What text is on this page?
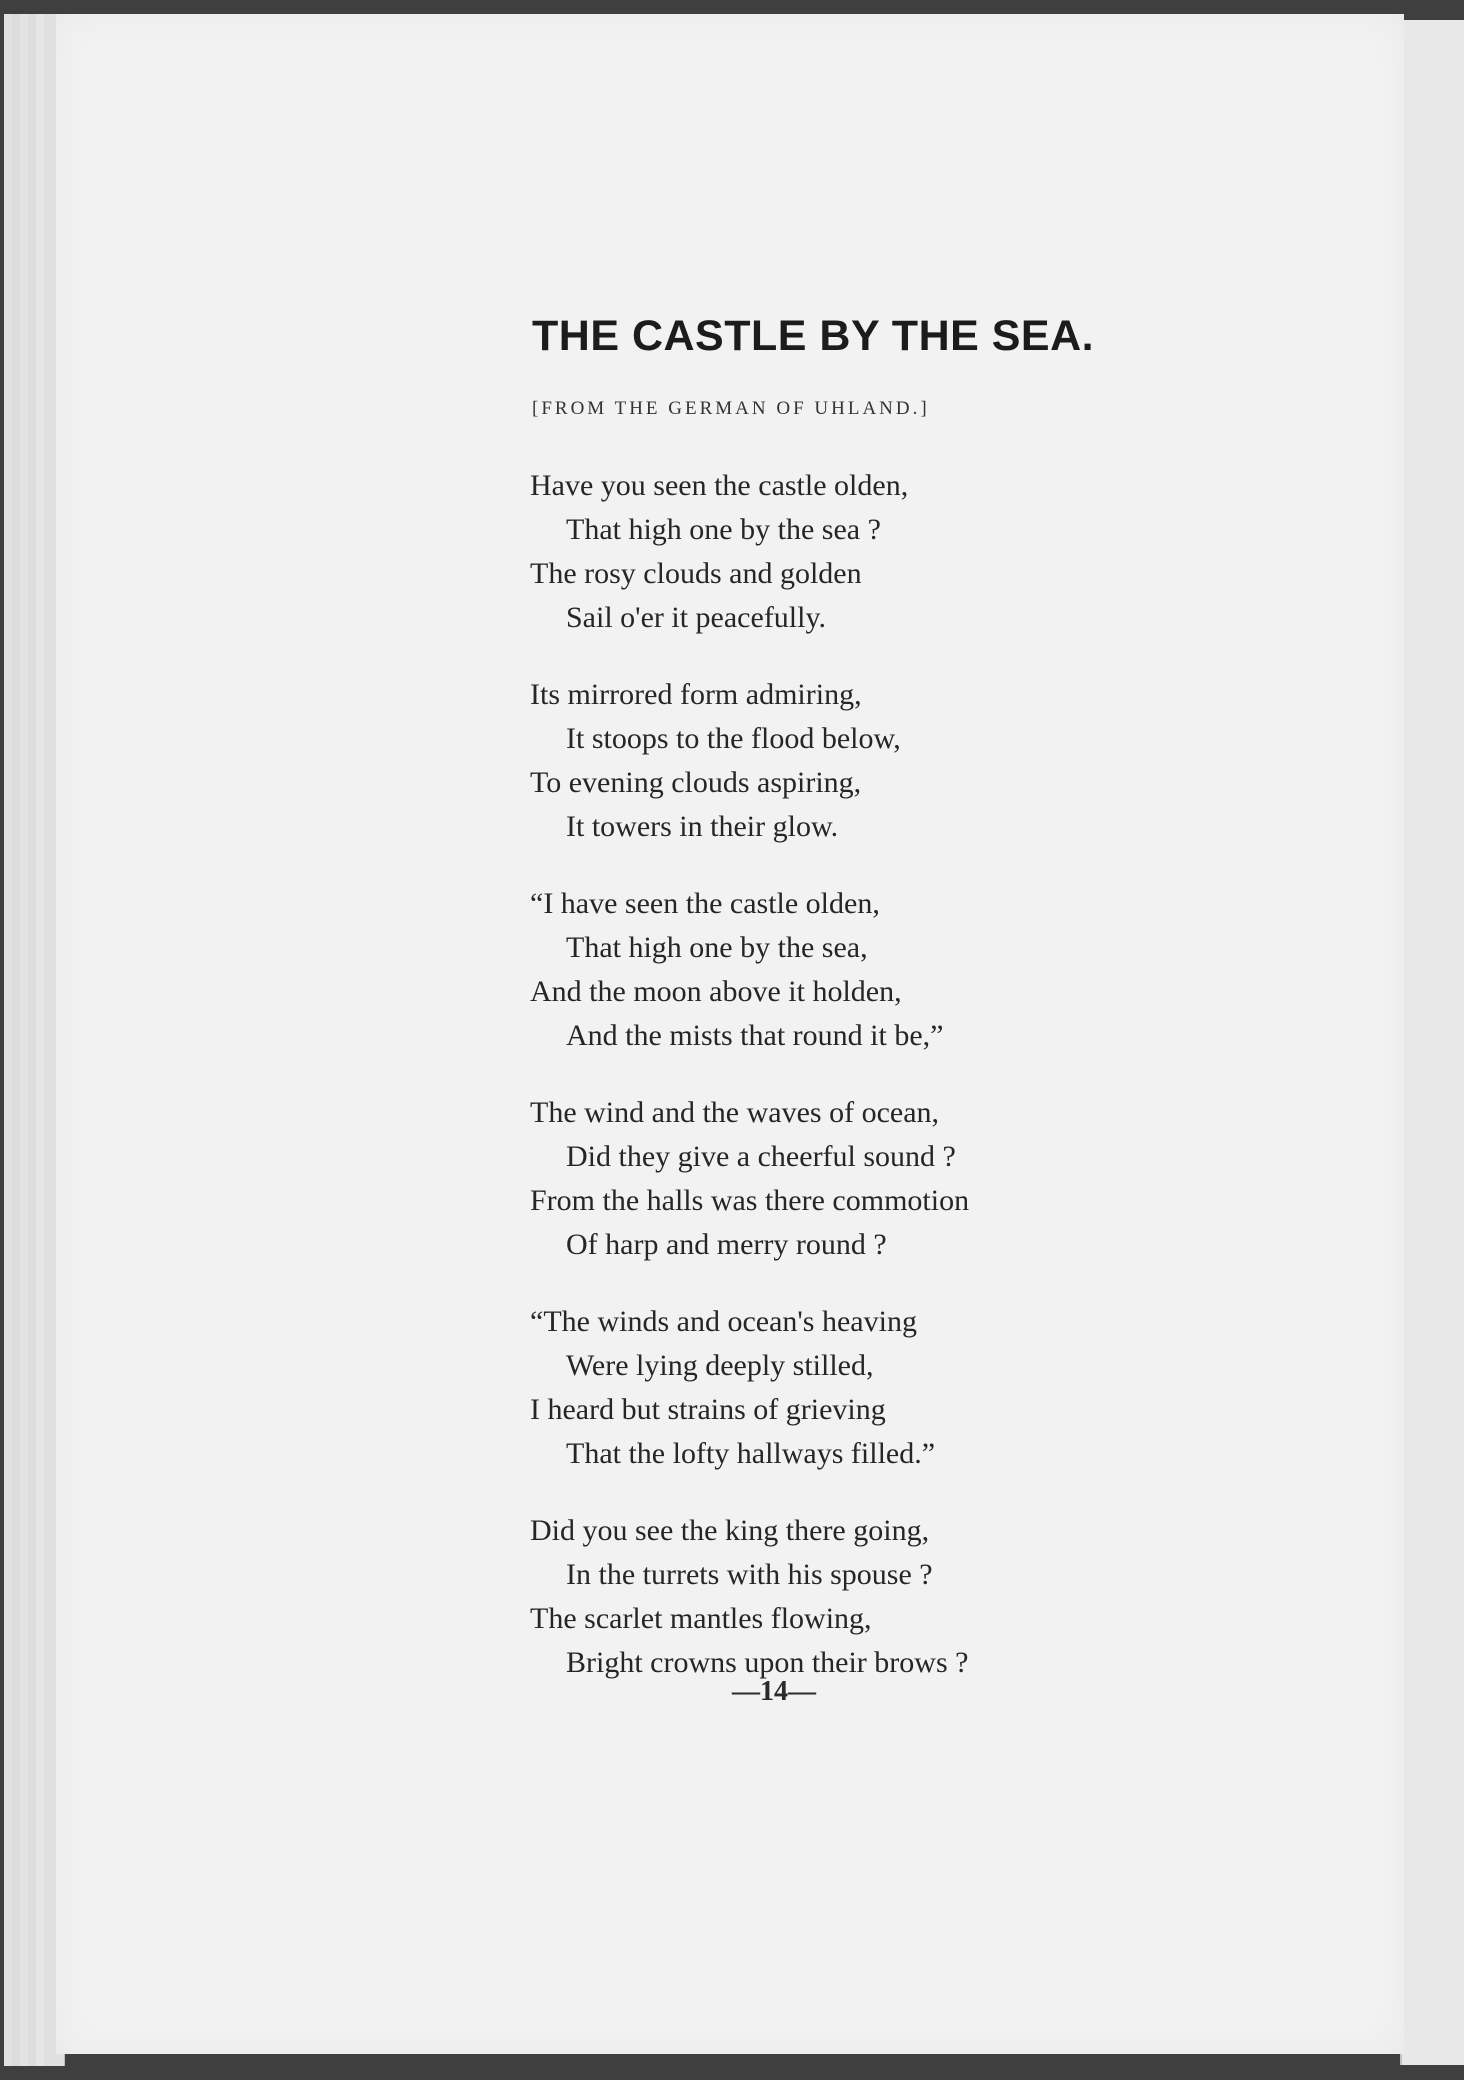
THE CASTLE BY THE SEA.
[FROM THE GERMAN OF UHLAND.]
Have you seen the castle olden,
That high one by the sea ?
The rosy clouds and golden
Sail o'er it peacefully.
Its mirrored form admiring,
It stoops to the flood below,
To evening clouds aspiring,
It towers in their glow.
“I have seen the castle olden,
That high one by the sea,
And the moon above it holden,
And the mists that round it be,”
The wind and the waves of ocean,
Did they give a cheerful sound ?
From the halls was there commotion
Of harp and merry round ?
“The winds and ocean's heaving
Were lying deeply stilled,
I heard but strains of grieving
That the lofty hallways filled.”
Did you see the king there going,
In the turrets with his spouse ?
The scarlet mantles flowing,
Bright crowns upon their brows ?
—14—
